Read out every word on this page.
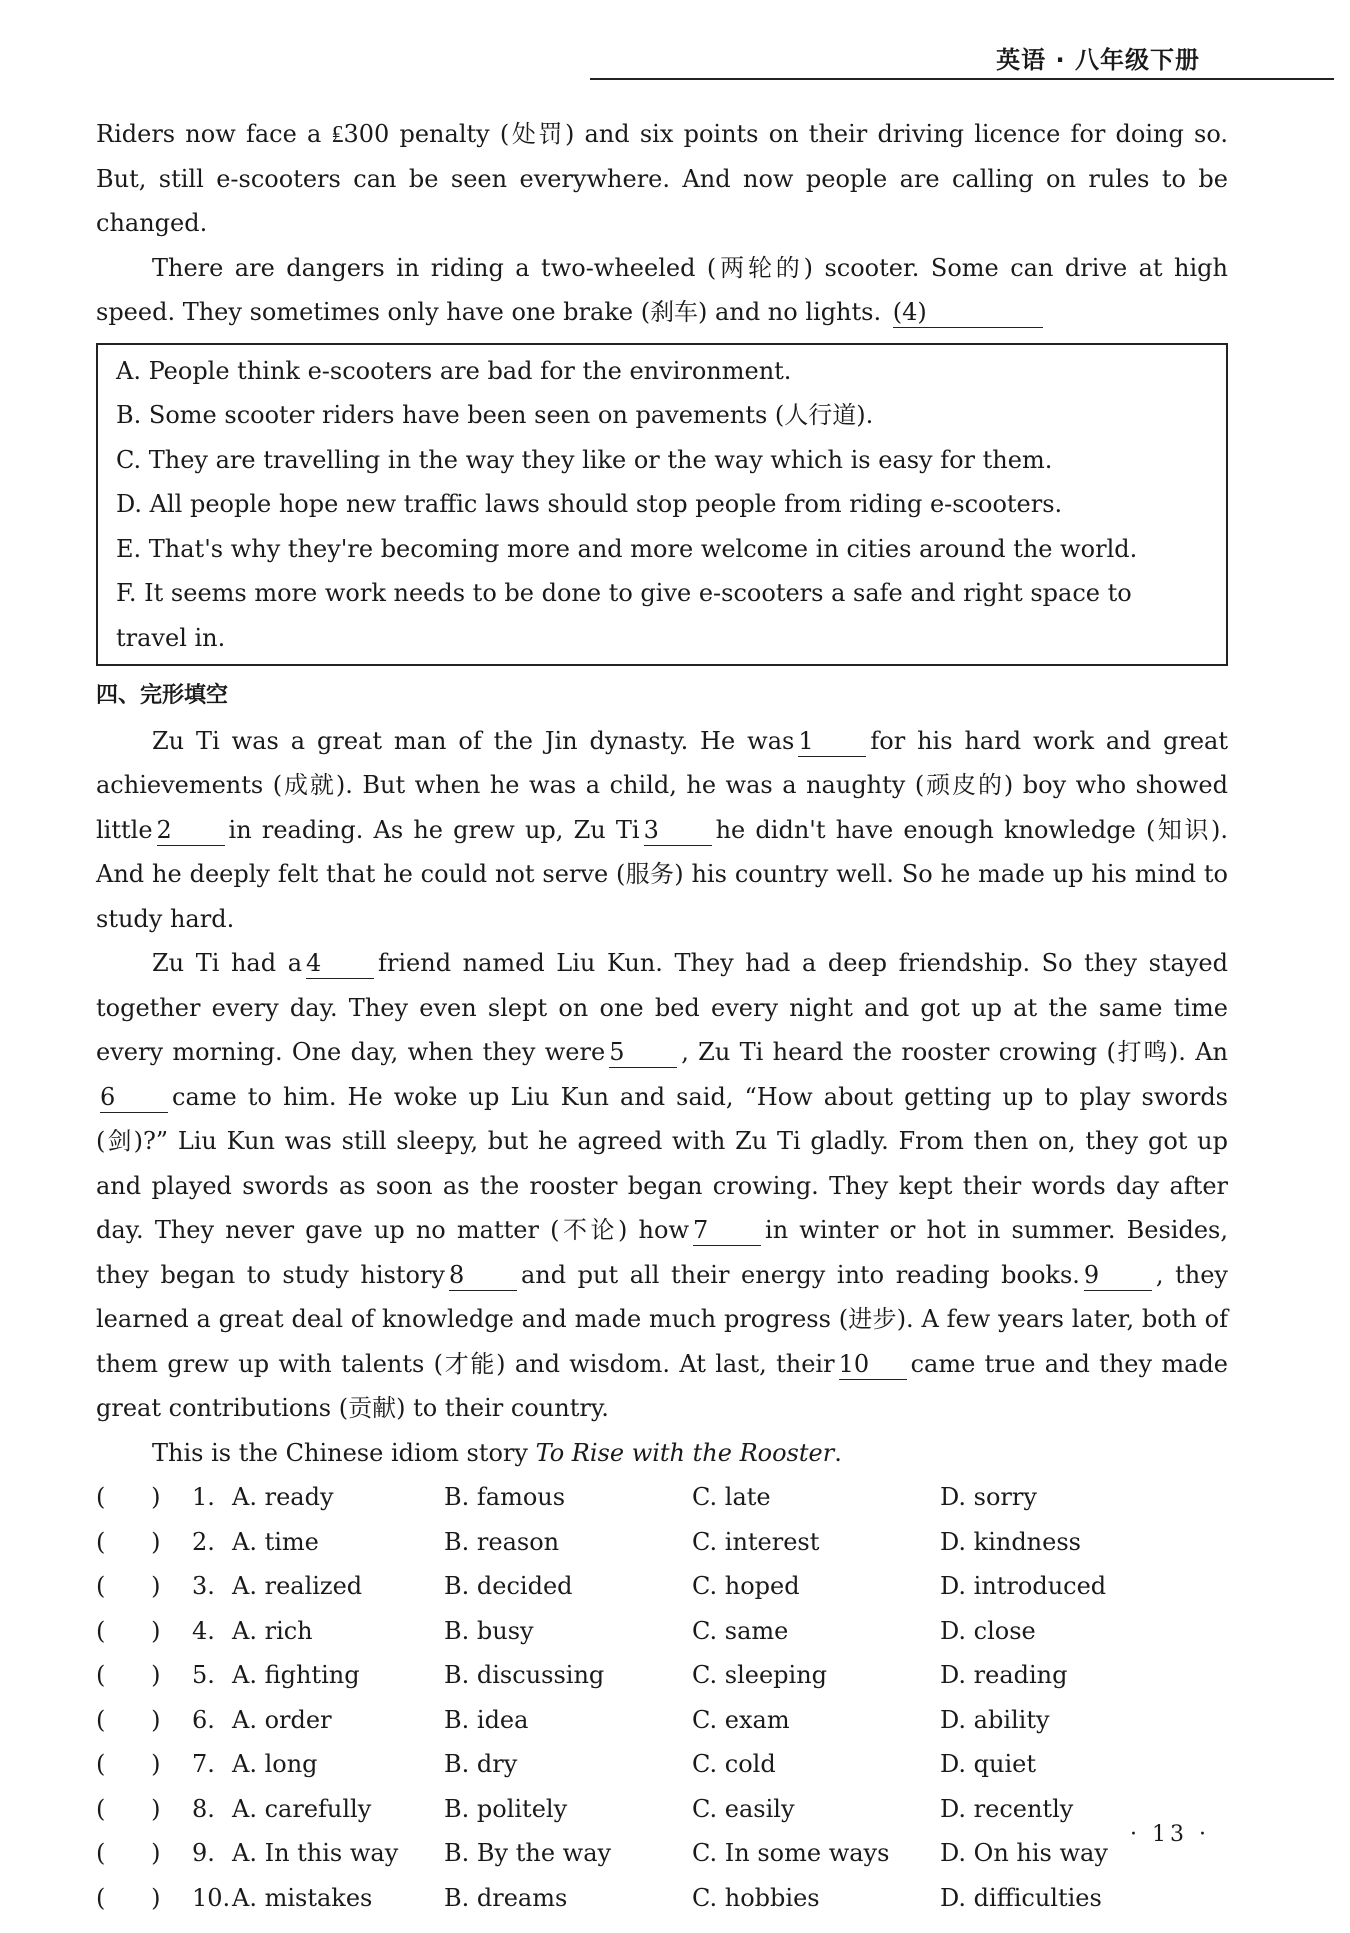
英语 · 八年级下册

Riders now face a ₤300 penalty (处罚) and six points on their driving licence for doing so. But, still e-scooters can be seen everywhere. And now people are calling on rules to be changed.

There are dangers in riding a two-wheeled (两轮的) scooter. Some can drive at high speed. They sometimes only have one brake (刹车) and no lights. (4)

A. People think e-scooters are bad for the environment.
B. Some scooter riders have been seen on pavements (人行道).
C. They are travelling in the way they like or the way which is easy for them.
D. All people hope new traffic laws should stop people from riding e-scooters.
E. That's why they're becoming more and more welcome in cities around the world.
F. It seems more work needs to be done to give e-scooters a safe and right space to travel in.
四、完形填空

Zu Ti was a great man of the Jin dynasty. He was 1 for his hard work and great achievements (成就). But when he was a child, he was a naughty (顽皮的) boy who showed little 2 in reading. As he grew up, Zu Ti 3 he didn't have enough knowledge (知识). And he deeply felt that he could not serve (服务) his country well. So he made up his mind to study hard.

Zu Ti had a 4 friend named Liu Kun. They had a deep friendship. So they stayed together every day. They even slept on one bed every night and got up at the same time every morning. One day, when they were 5 , Zu Ti heard the rooster crowing (打鸣). An6 came to him. He woke up Liu Kun and said, “How about getting up to play swords (剑)?” Liu Kun was still sleepy, but he agreed with Zu Ti gladly. From then on, they got up and played swords as soon as the rooster began crowing. They kept their words day after day. They never gave up no matter (不论) how 7 in winter or hot in summer. Besides, they began to study history 8 and put all their energy into reading books. 9 , they learned a great deal of knowledge and made much progress (进步). A few years later, both of them grew up with talents (才能) and wisdom. At last, their 10 came true and they made great contributions (贡献) to their country.

This is the Chinese idiom story To Rise with the Rooster.

(      )	1. A. ready	B. famous	C. late	D. sorry
(      )	2. A. time	B. reason	C. interest	D. kindness
(      )	3. A. realized	B. decided	C. hoped	D. introduced
(      )	4. A. rich	B. busy	C. same	D. close
(      )	5. A. fighting	B. discussing	C. sleeping	D. reading
(      )	6. A. order	B. idea	C. exam	D. ability
(      )	7. A. long	B. dry	C. cold	D. quiet
(      )	8. A. carefully	B. politely	C. easily	D. recently
(      )	9. A. In this way	B. By the way	C. In some ways	D. On his way
(      )	10. A. mistakes	B. dreams	C. hobbies	D. difficulties
· 13 ·
